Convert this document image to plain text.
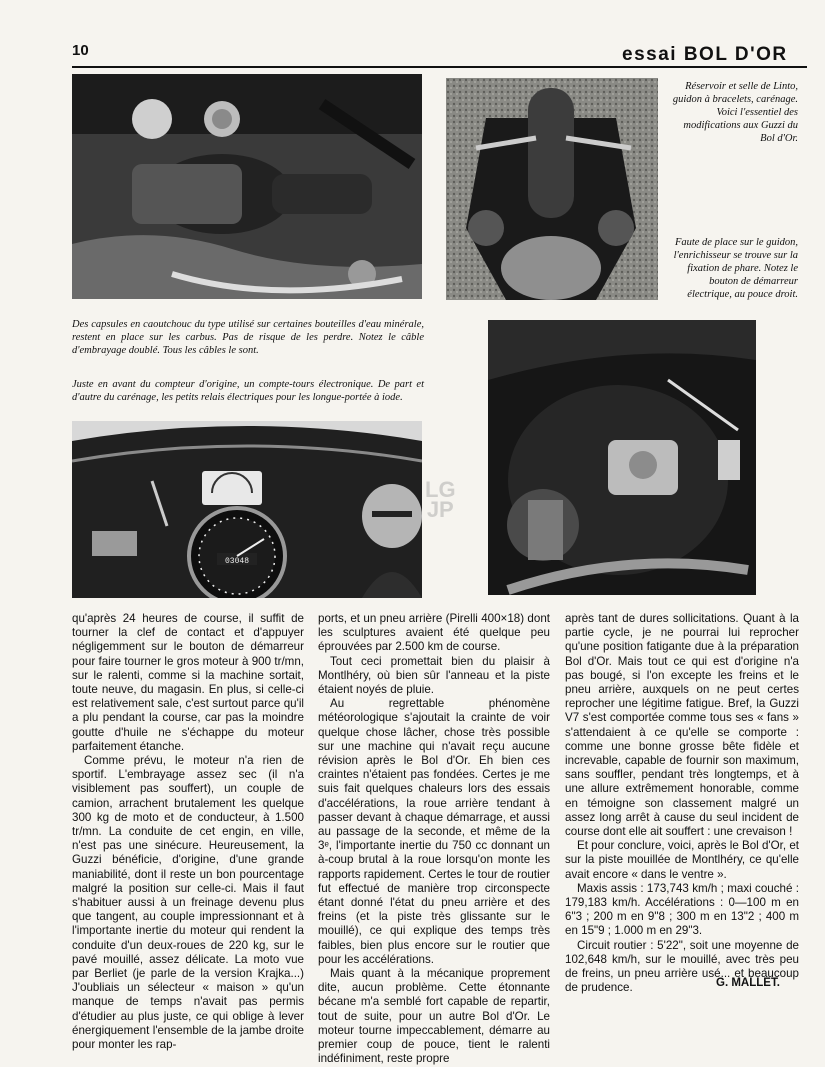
10	essai BOL D'OR
Réservoir et selle de Linto, guidon à bracelets, carénage. Voici l'essentiel des modifications aux Guzzi du Bol d'Or.
Faute de place sur le guidon, l'enrichisseur se trouve sur la fixation de phare. Notez le bouton de démarreur électrique, au pouce droit.
Des capsules en caoutchouc du type utilisé sur certaines bouteilles d'eau minérale, restent en place sur les carbus. Pas de risque de les perdre. Notez le câble d'embrayage doublé. Tous les câbles le sont.
Juste en avant du compteur d'origine, un compte-tours électronique. De part et d'autre du carénage, les petits relais électriques pour les longue-portée à iode.
03048
LG
JP

qu'après 24 heures de course, il suffit de tourner la clef de contact et d'appuyer négligemment sur le bouton de démarreur pour faire tourner le gros moteur à 900 tr/mn, sur le ralenti, comme si la machine sortait, toute neuve, du magasin. En plus, si celle-ci est relativement sale, c'est surtout parce qu'il a plu pendant la course, car pas la moindre goutte d'huile ne s'échappe du moteur parfaitement étanche.

Comme prévu, le moteur n'a rien de sportif. L'embrayage assez sec (il n'a visiblement pas souffert), un couple de camion, arrachent brutalement les quelque 300 kg de moto et de conducteur, à 1.500 tr/mn. La conduite de cet engin, en ville, n'est pas une sinécure. Heureusement, la Guzzi bénéficie, d'origine, d'une grande maniabilité, dont il reste un bon pourcentage malgré la position sur celle-ci. Mais il faut s'habituer aussi à un freinage devenu plus que tangent, au couple impressionnant et à l'importante inertie du moteur qui rendent la conduite d'un deux-roues de 220 kg, sur le pavé mouillé, assez délicate. La moto vue par Berliet (je parle de la version Krajka...) J'oubliais un sélecteur « maison » qu'un manque de temps n'avait pas permis d'étudier au plus juste, ce qui oblige à lever énergiquement l'ensemble de la jambe droite pour monter les rap-

ports, et un pneu arrière (Pirelli 400×18) dont les sculptures avaient été quelque peu éprouvées par 2.500 km de course.

Tout ceci promettait bien du plaisir à Montlhéry, où bien sûr l'anneau et la piste étaient noyés de pluie.

Au regrettable phénomène météorologique s'ajoutait la crainte de voir quelque chose lâcher, chose très possible sur une machine qui n'avait reçu aucune révision après le Bol d'Or. Eh bien ces craintes n'étaient pas fondées. Certes je me suis fait quelques chaleurs lors des essais d'accélérations, la roue arrière tendant à passer devant à chaque démarrage, et aussi au passage de la seconde, et même de la 3ᵉ, l'importante inertie du 750 cc donnant un à-coup brutal à la roue lorsqu'on monte les rapports rapidement. Certes le tour de routier fut effectué de manière trop circonspecte étant donné l'état du pneu arrière et des freins (et la piste très glissante sur le mouillé), ce qui explique des temps très faibles, bien plus encore sur le routier que pour les accélérations.

Mais quant à la mécanique proprement dite, aucun problème. Cette étonnante bécane m'a semblé fort capable de repartir, tout de suite, pour un autre Bol d'Or. Le moteur tourne impeccablement, démarre au premier coup de pouce, tient le ralenti indéfiniment, reste propre

après tant de dures sollicitations. Quant à la partie cycle, je ne pourrai lui reprocher qu'une position fatigante due à la préparation Bol d'Or. Mais tout ce qui est d'origine n'a pas bougé, si l'on excepte les freins et le pneu arrière, auxquels on ne peut certes reprocher une légitime fatigue. Bref, la Guzzi V7 s'est comportée comme tous ses « fans » s'attendaient à ce qu'elle se comporte : comme une bonne grosse bête fidèle et increvable, capable de fournir son maximum, sans souffler, pendant très longtemps, et à une allure extrêmement honorable, comme en témoigne son classement malgré un assez long arrêt à cause du seul incident de course dont elle ait souffert : une crevaison !

Et pour conclure, voici, après le Bol d'Or, et sur la piste mouillée de Montlhéry, ce qu'elle avait encore « dans le ventre ».

Maxis assis : 173,743 km/h ; maxi couché : 179,183 km/h. Accélérations : 0—100 m en 6"3 ; 200 m en 9"8 ; 300 m en 13"2 ; 400 m en 15"9 ; 1.000 m en 29"3.

Circuit routier : 5'22", soit une moyenne de 102,648 km/h, sur le mouillé, avec très peu de freins, un pneu arrière usé... et beaucoup de prudence.	G. MALLET.
